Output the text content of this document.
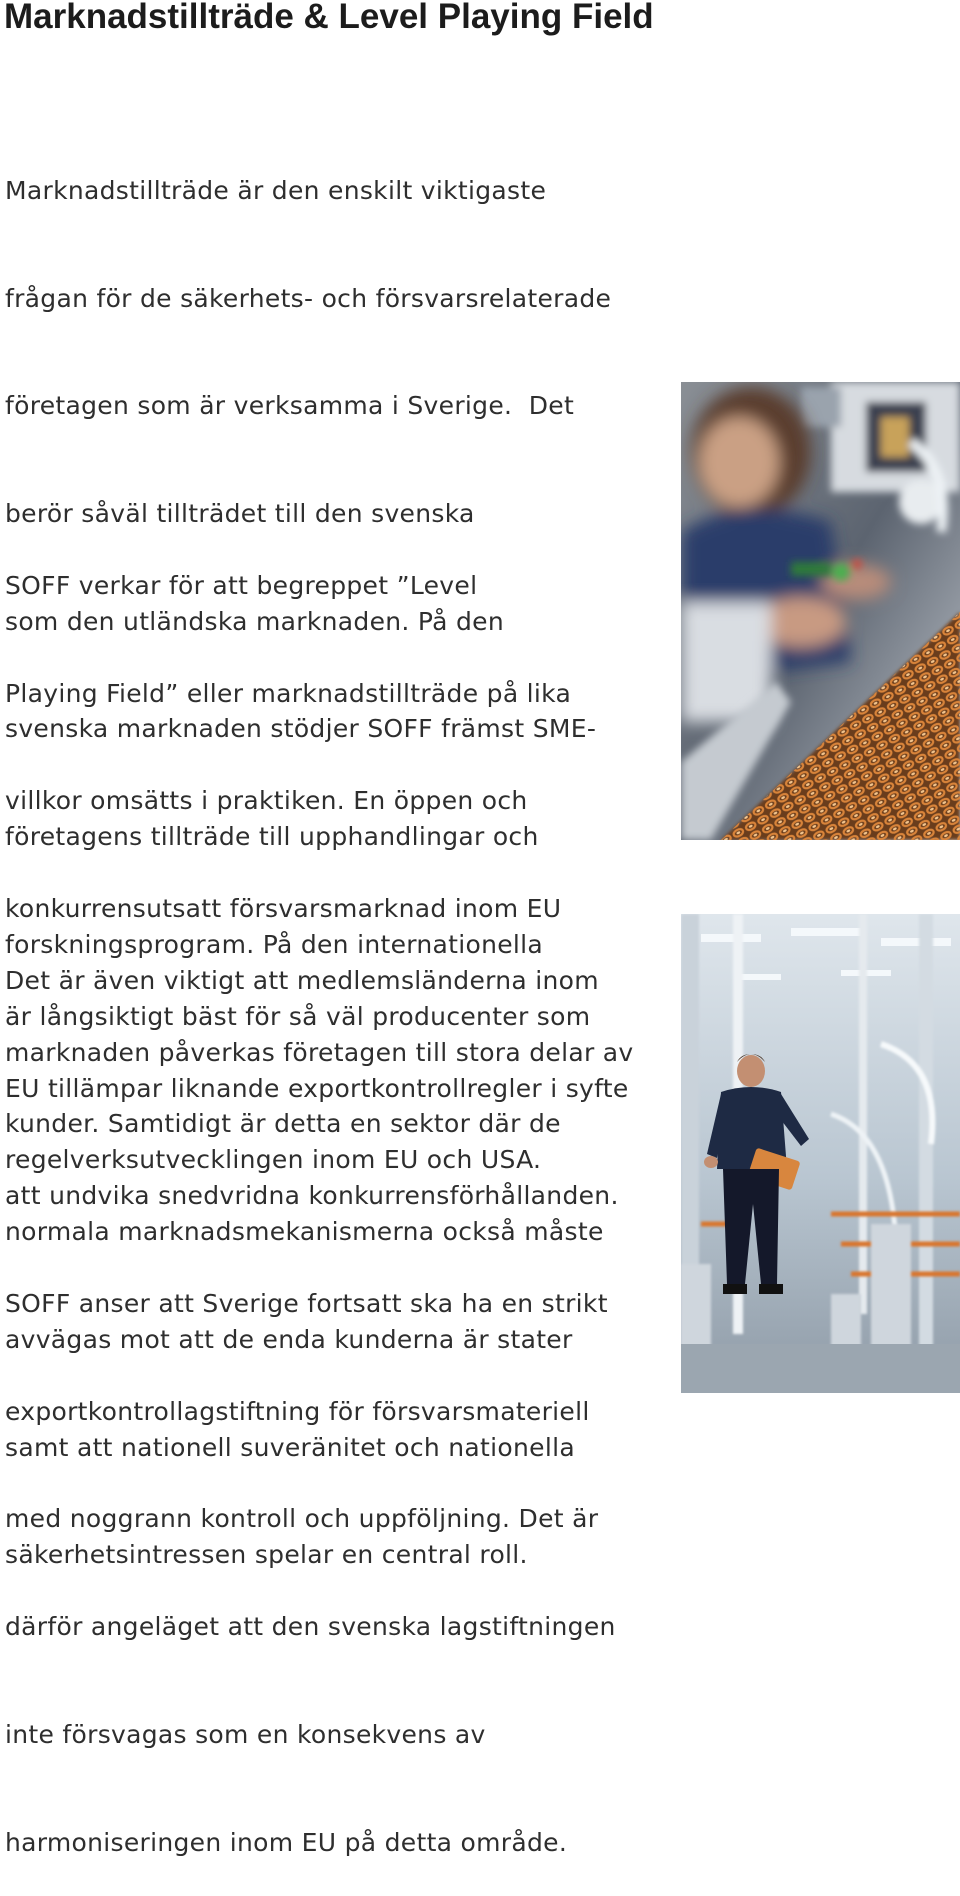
Marknadstillträde & Level Playing Field

Marknadstillträde är den enskilt viktigaste

frågan för de säkerhets- och försvarsrelaterade

företagen som är verksamma i Sverige.  Det

berör såväl tillträdet till den svenska

som den utländska marknaden. På den

svenska marknaden stödjer SOFF främst SME-

företagens tillträde till upphandlingar och

forskningsprogram. På den internationella

marknaden påverkas företagen till stora delar av

regelverksutvecklingen inom EU och USA.

SOFF verkar för att begreppet ”Level

Playing Field” eller marknadstillträde på lika

villkor omsätts i praktiken. En öppen och

konkurrensutsatt försvarsmarknad inom EU

är långsiktigt bäst för så väl producenter som

kunder. Samtidigt är detta en sektor där de

normala marknadsmekanismerna också måste

avvägas mot att de enda kunderna är stater

samt att nationell suveränitet och nationella

säkerhetsintressen spelar en central roll.

Det är även viktigt att medlemsländerna inom

EU tillämpar liknande exportkontrollregler i syfte

att undvika snedvridna konkurrensförhållanden.

SOFF anser att Sverige fortsatt ska ha en strikt

exportkontrollagstiftning för försvarsmateriell

med noggrann kontroll och uppföljning. Det är

därför angeläget att den svenska lagstiftningen

inte försvagas som en konsekvens av

harmoniseringen inom EU på detta område.
